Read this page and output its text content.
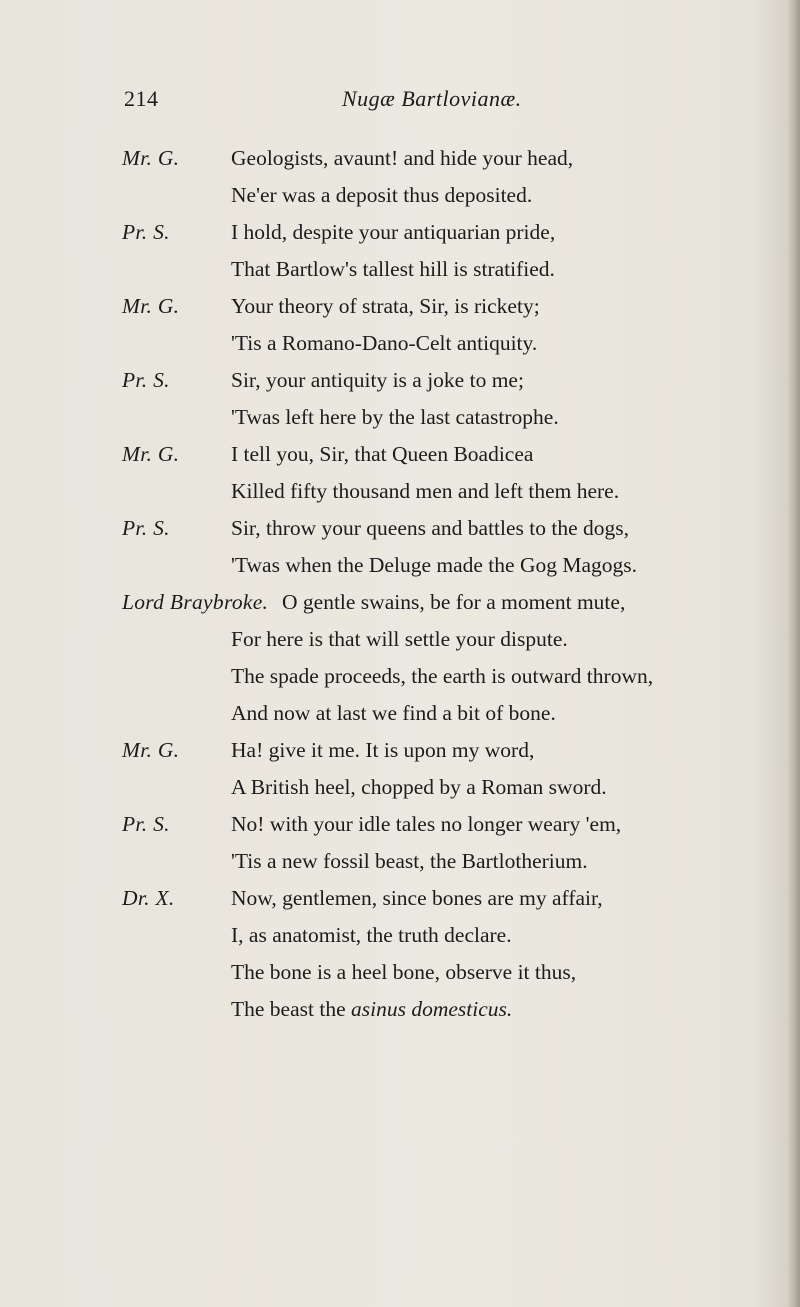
214	Nugæ Bartlovianæ.
Mr. G. Geologists, avaunt! and hide your head,
Ne'er was a deposit thus deposited.
Pr. S.	I hold, despite your antiquarian pride,
That Bartlow's tallest hill is stratified.
Mr. G. Your theory of strata, Sir, is rickety;
'Tis a Romano-Dano-Celt antiquity.
Pr. S.	Sir, your antiquity is a joke to me;
'Twas left here by the last catastrophe.
Mr. G. I tell you, Sir, that Queen Boadicea
Killed fifty thousand men and left them here.
Pr. S.	Sir, throw your queens and battles to the dogs,
'Twas when the Deluge made the Gog Magogs.
Lord Braybroke. O gentle swains, be for a moment mute,
For here is that will settle your dispute.
The spade proceeds, the earth is outward thrown,
And now at last we find a bit of bone.
Mr. G. Ha! give it me. It is upon my word,
A British heel, chopped by a Roman sword.
Pr. S.	No! with your idle tales no longer weary 'em,
'Tis a new fossil beast, the Bartlotherium.
Dr. X.	Now, gentlemen, since bones are my affair,
I, as anatomist, the truth declare.
The bone is a heel bone, observe it thus,
The beast the asinus domesticus.
